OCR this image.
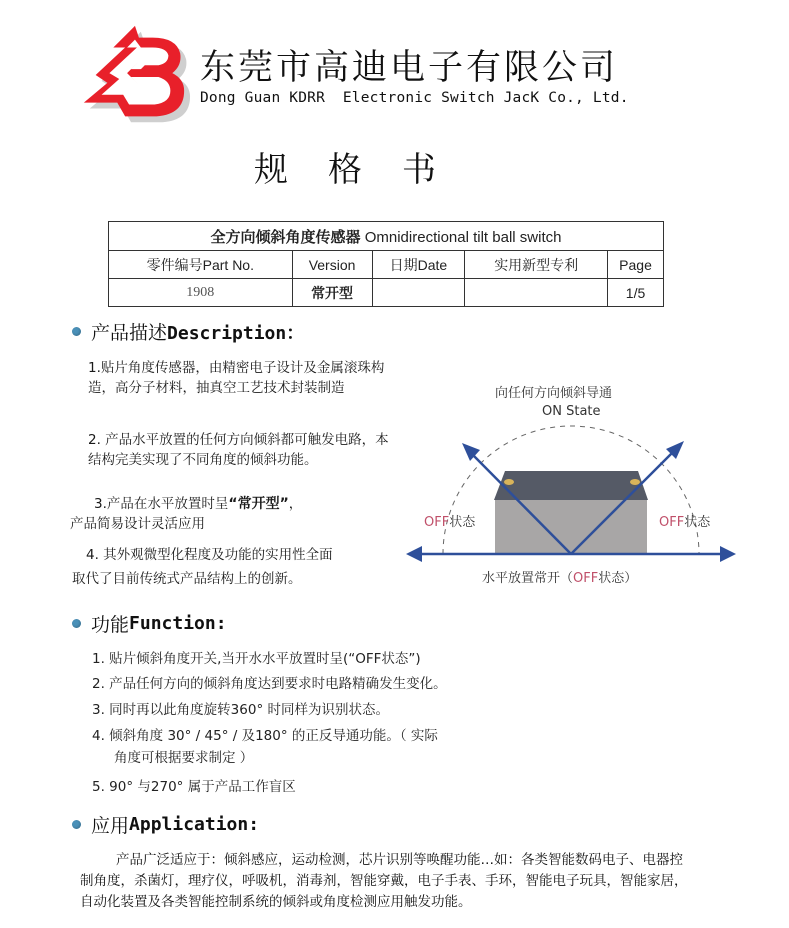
东莞市高迪电子有限公司
Dong Guan KDRR  Electronic Switch JacK Co., Ltd.
规格书
全方向倾斜角度传感器 Omnidirectional tilt ball switch				
零件编号Part No.	Version	日期Date	实用新型专利	Page
1908	常开型			1/5
产品描述 Description：
1.贴片角度传感器，由精密电子设计及金属滚珠构造，高分子材料，抽真空工艺技术封装制造
2. 产品水平放置的任何方向倾斜都可触发电路，本结构完美实现了不同角度的倾斜功能。
3.产品在水平放置时呈“常开型”，
产品简易设计灵活应用
4. 其外观微型化程度及功能的实用性全面
取代了目前传统式产品结构上的创新。
向任何方向倾斜导通
ON State
OFF状态	OFF状态
水平放置常开（OFF状态）
功能 Function:
1. 贴片倾斜角度开关,当开水水平放置时呈(“OFF状态”)
2. 产品任何方向的倾斜角度达到要求时电路精确发生变化。
3. 同时再以此角度旋转360° 时同样为识别状态。
4. 倾斜角度 30° / 45° / 及180° 的正反导通功能。（ 实际
角度可根据要求制定 ）
5. 90° 与270° 属于产品工作盲区
应用 Application:
产品广泛适应于：倾斜感应，运动检测，芯片识别等唤醒功能…如：各类智能数码电子、电器控制角度，杀菌灯，理疗仪，呼吸机，消毒剂，智能穿戴，电子手表、手环，智能电子玩具，智能家居，自动化装置及各类智能控制系统的倾斜或角度检测应用触发功能。
